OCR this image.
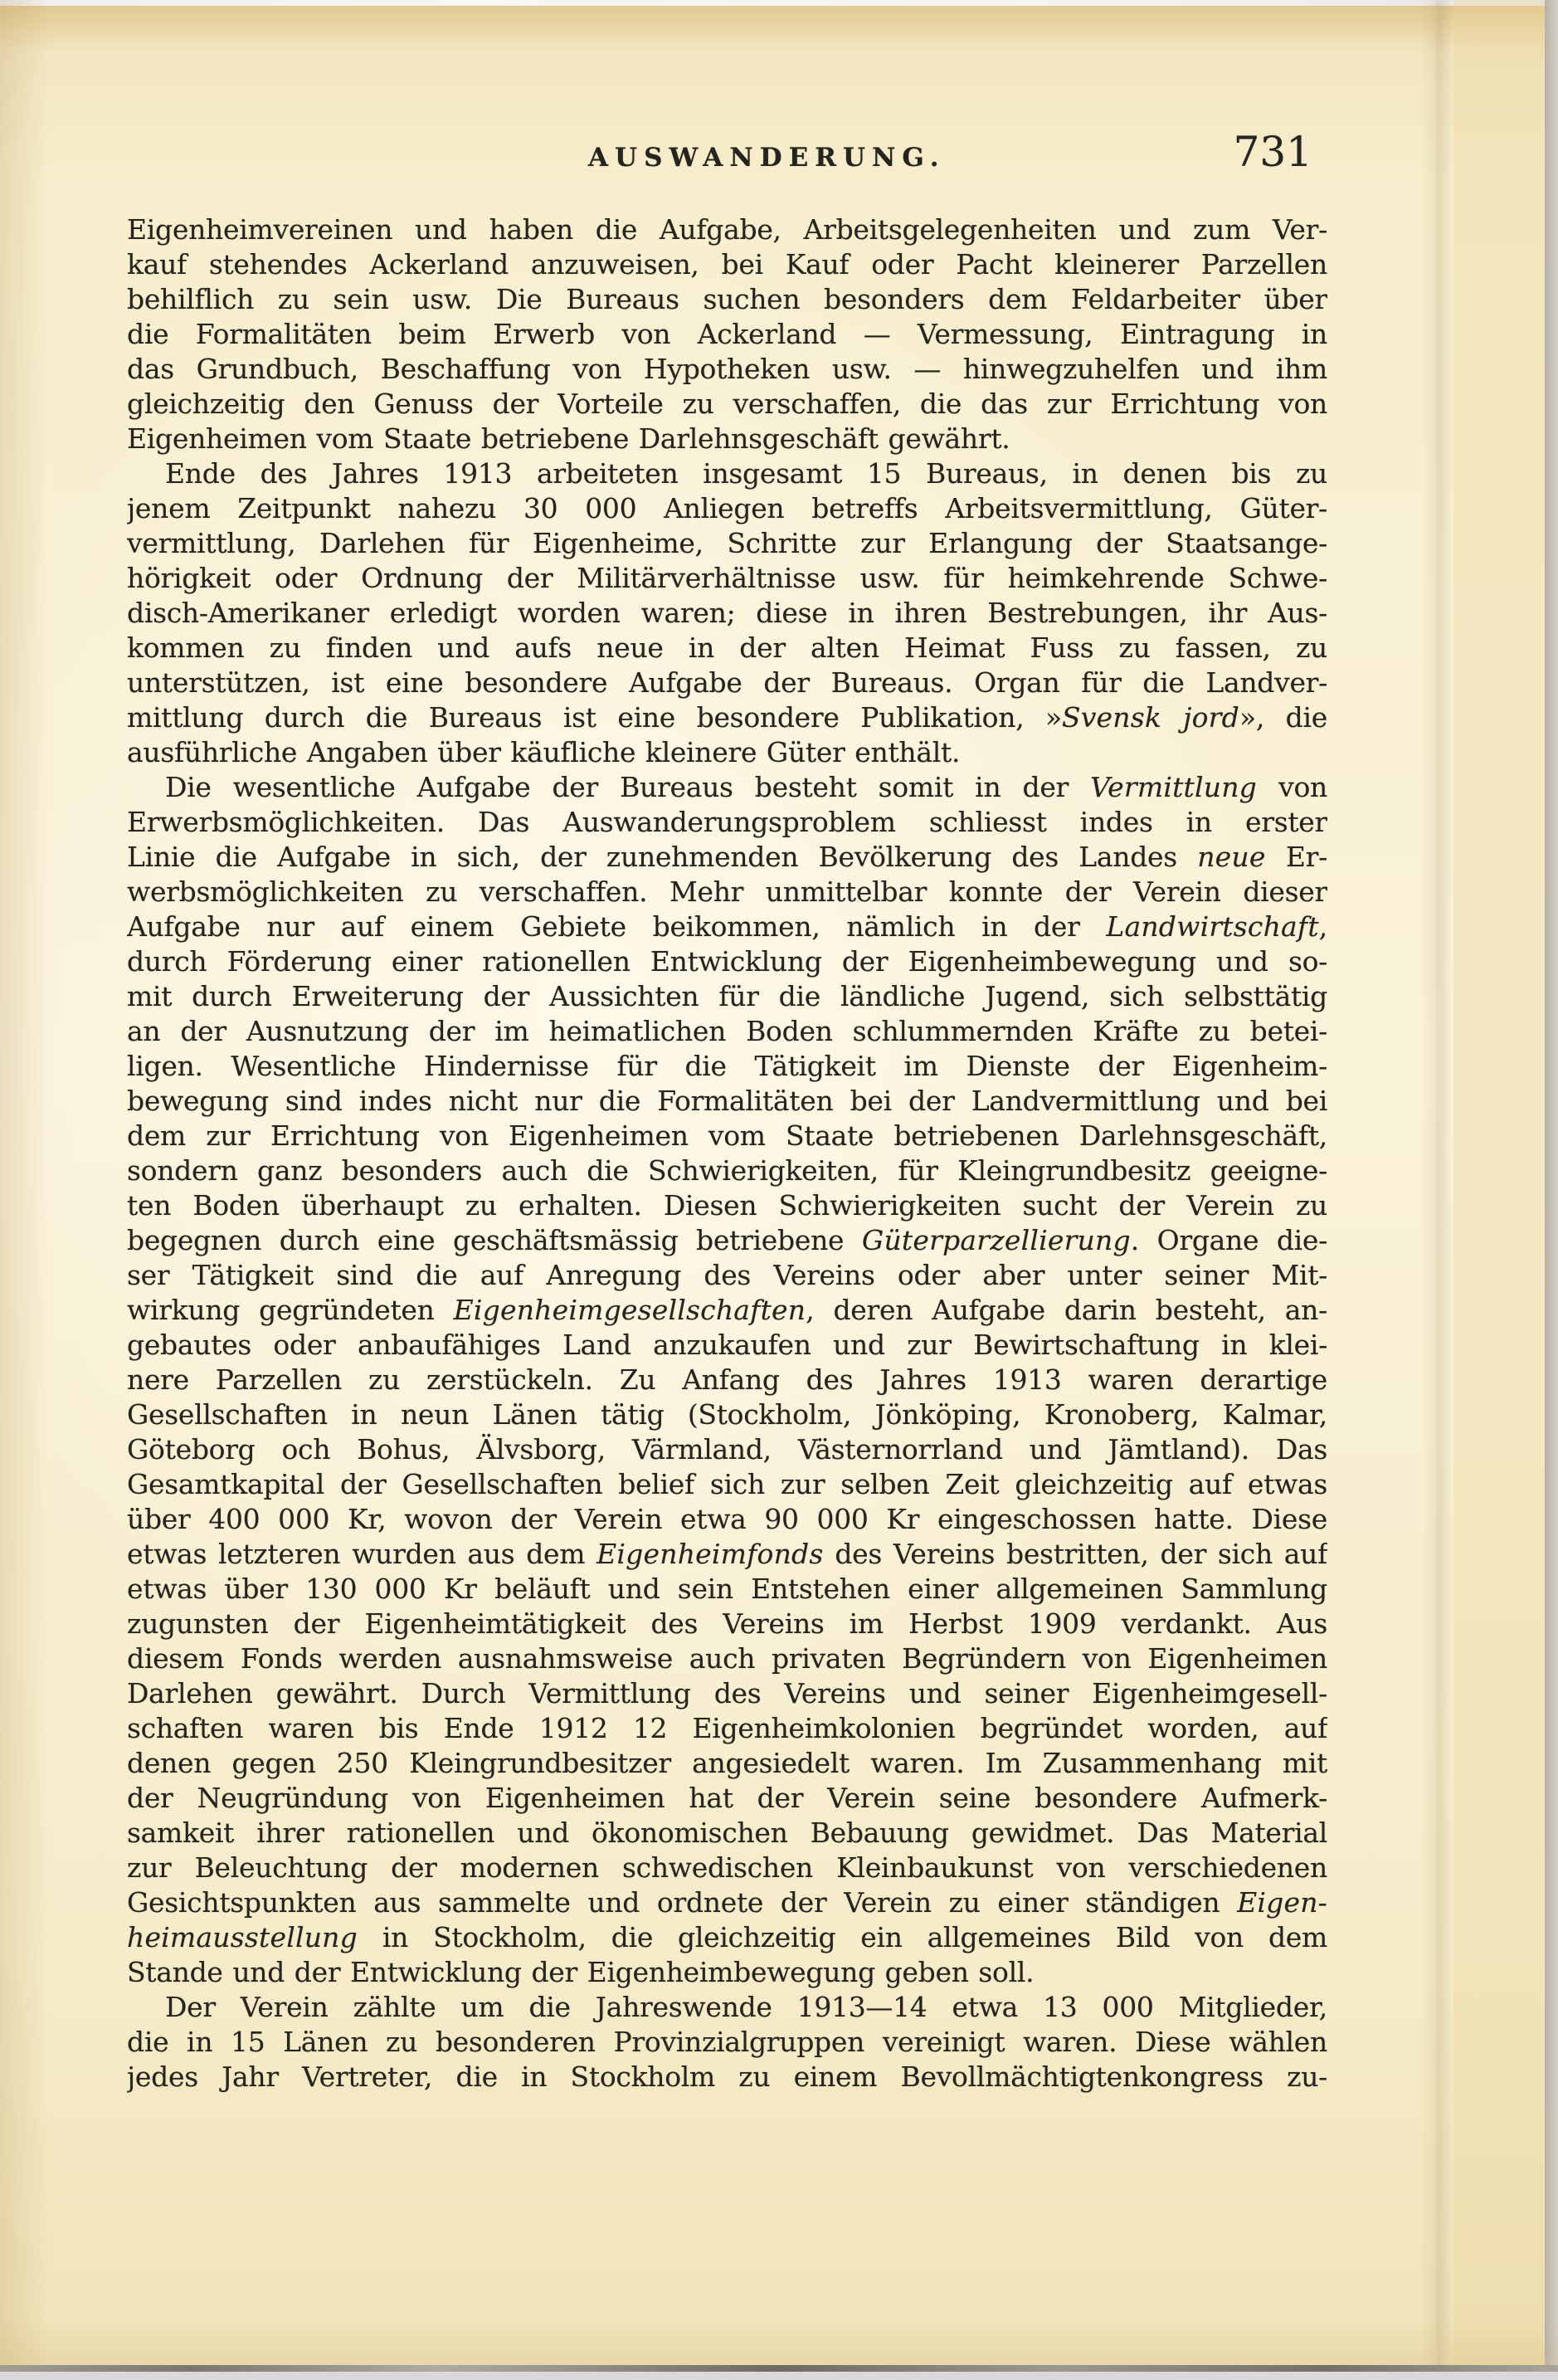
AUSWANDERUNG.	731
Eigenheimvereinen und haben die Aufgabe, Arbeitsgelegenheiten und zum Ver-
kauf stehendes Ackerland anzuweisen, bei Kauf oder Pacht kleinerer Parzellen
behilflich zu sein usw. Die Bureaus suchen besonders dem Feldarbeiter über
die Formalitäten beim Erwerb von Ackerland — Vermessung, Eintragung in
das Grundbuch, Beschaffung von Hypotheken usw. — hinwegzuhelfen und ihm
gleichzeitig den Genuss der Vorteile zu verschaffen, die das zur Errichtung von
Eigenheimen vom Staate betriebene Darlehnsgeschäft gewährt.
Ende des Jahres 1913 arbeiteten insgesamt 15 Bureaus, in denen bis zu
jenem Zeitpunkt nahezu 30 000 Anliegen betreffs Arbeitsvermittlung, Güter-
vermittlung, Darlehen für Eigenheime, Schritte zur Erlangung der Staatsange-
hörigkeit oder Ordnung der Militärverhältnisse usw. für heimkehrende Schwe-
disch-Amerikaner erledigt worden waren; diese in ihren Bestrebungen, ihr Aus-
kommen zu finden und aufs neue in der alten Heimat Fuss zu fassen, zu
unterstützen, ist eine besondere Aufgabe der Bureaus. Organ für die Landver-
mittlung durch die Bureaus ist eine besondere Publikation, »Svensk jord», die
ausführliche Angaben über käufliche kleinere Güter enthält.
Die wesentliche Aufgabe der Bureaus besteht somit in der Vermittlung von
Erwerbsmöglichkeiten. Das Auswanderungsproblem schliesst indes in erster
Linie die Aufgabe in sich, der zunehmenden Bevölkerung des Landes neue Er-
werbsmöglichkeiten zu verschaffen. Mehr unmittelbar konnte der Verein dieser
Aufgabe nur auf einem Gebiete beikommen, nämlich in der Landwirtschaft,
durch Förderung einer rationellen Entwicklung der Eigenheimbewegung und so-
mit durch Erweiterung der Aussichten für die ländliche Jugend, sich selbsttätig
an der Ausnutzung der im heimatlichen Boden schlummernden Kräfte zu betei-
ligen. Wesentliche Hindernisse für die Tätigkeit im Dienste der Eigenheim-
bewegung sind indes nicht nur die Formalitäten bei der Landvermittlung und bei
dem zur Errichtung von Eigenheimen vom Staate betriebenen Darlehnsgeschäft,
sondern ganz besonders auch die Schwierigkeiten, für Kleingrundbesitz geeigne-
ten Boden überhaupt zu erhalten. Diesen Schwierigkeiten sucht der Verein zu
begegnen durch eine geschäftsmässig betriebene Güterparzellierung. Organe die-
ser Tätigkeit sind die auf Anregung des Vereins oder aber unter seiner Mit-
wirkung gegründeten Eigenheimgesellschaften, deren Aufgabe darin besteht, an-
gebautes oder anbaufähiges Land anzukaufen und zur Bewirtschaftung in klei-
nere Parzellen zu zerstückeln. Zu Anfang des Jahres 1913 waren derartige
Gesellschaften in neun Länen tätig (Stockholm, Jönköping, Kronoberg, Kalmar,
Göteborg och Bohus, Älvsborg, Värmland, Västernorrland und Jämtland). Das
Gesamtkapital der Gesellschaften belief sich zur selben Zeit gleichzeitig auf etwas
über 400 000 Kr, wovon der Verein etwa 90 000 Kr eingeschossen hatte. Diese
etwas letzteren wurden aus dem Eigenheimfonds des Vereins bestritten, der sich auf
etwas über 130 000 Kr beläuft und sein Entstehen einer allgemeinen Sammlung
zugunsten der Eigenheimtätigkeit des Vereins im Herbst 1909 verdankt. Aus
diesem Fonds werden ausnahmsweise auch privaten Begründern von Eigenheimen
Darlehen gewährt. Durch Vermittlung des Vereins und seiner Eigenheimgesell-
schaften waren bis Ende 1912 12 Eigenheimkolonien begründet worden, auf
denen gegen 250 Kleingrundbesitzer angesiedelt waren. Im Zusammenhang mit
der Neugründung von Eigenheimen hat der Verein seine besondere Aufmerk-
samkeit ihrer rationellen und ökonomischen Bebauung gewidmet. Das Material
zur Beleuchtung der modernen schwedischen Kleinbaukunst von verschiedenen
Gesichtspunkten aus sammelte und ordnete der Verein zu einer ständigen Eigen-
heimausstellung in Stockholm, die gleichzeitig ein allgemeines Bild von dem
Stande und der Entwicklung der Eigenheimbewegung geben soll.
Der Verein zählte um die Jahreswende 1913—14 etwa 13 000 Mitglieder,
die in 15 Länen zu besonderen Provinzialgruppen vereinigt waren. Diese wählen
jedes Jahr Vertreter, die in Stockholm zu einem Bevollmächtigtenkongress zu-
